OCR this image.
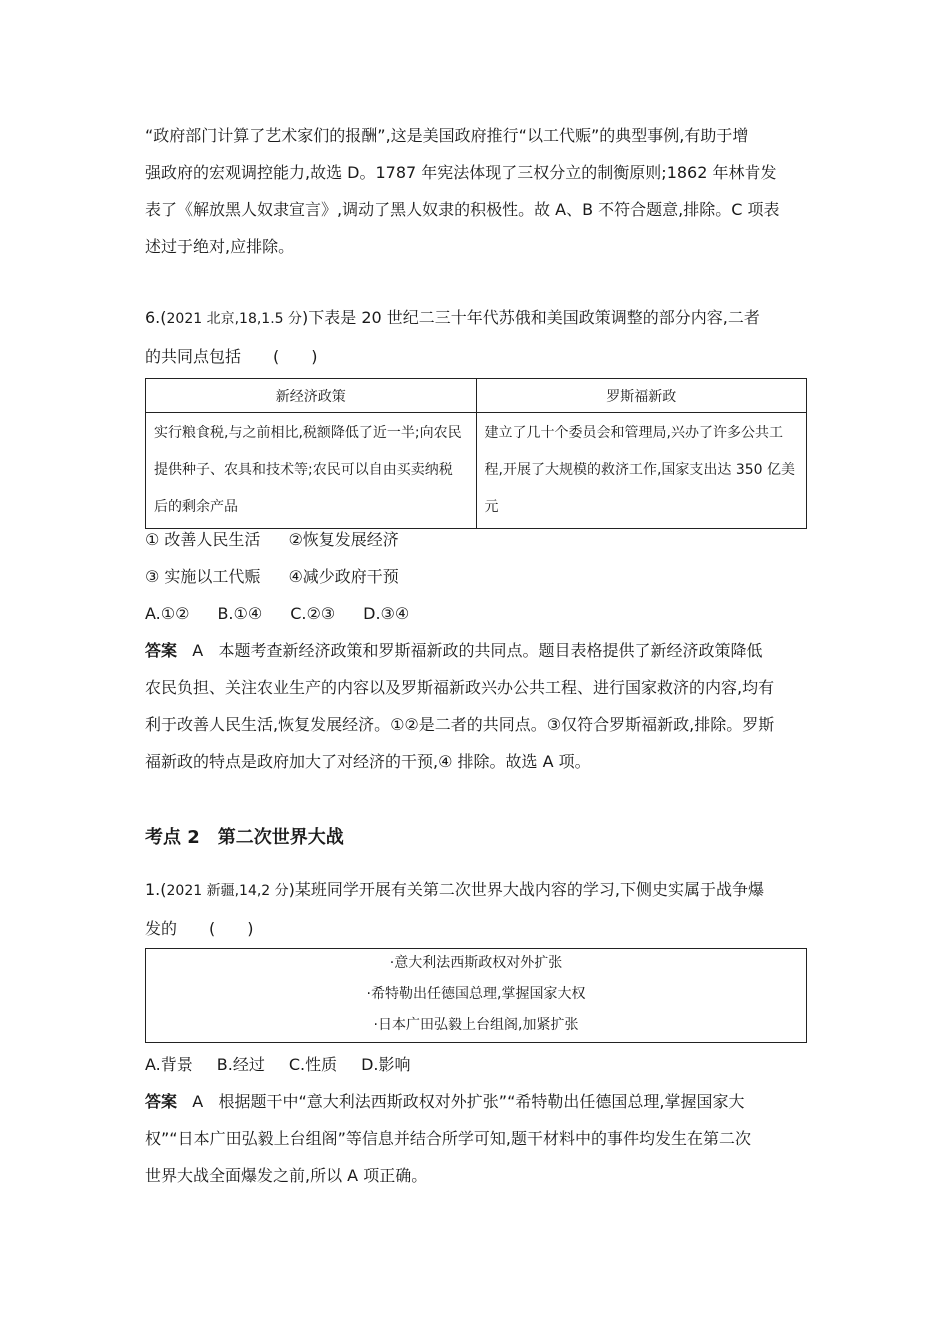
“政府部门计算了艺术家们的报酬”,这是美国政府推行“以工代赈”的典型事例,有助于增
强政府的宏观调控能力,故选 D。1787 年宪法体现了三权分立的制衡原则;1862 年林肯发
表了《解放黑人奴隶宣言》,调动了黑人奴隶的积极性。故 A、B 不符合题意,排除。C 项表
述过于绝对,应排除。
6.(2021 北京,18,1.5 分)下表是 20 世纪二三十年代苏俄和美国政策调整的部分内容,二者
的共同点包括　　(　　)
新经济政策	罗斯福新政

实行粮食税,与之前相比,税额降低了近一半;向农民
提供种子、农具和技术等;农民可以自由买卖纳税
后的剩余产品	建立了几十个委员会和管理局,兴办了许多公共工
程,开展了大规模的救济工作,国家支出达 350 亿美
元
① 改善人民生活 ②恢复发展经济
③ 实施以工代赈 ④减少政府干预
A.①② B.①④ C.②③ D.③④
答案 A 本题考查新经济政策和罗斯福新政的共同点。题目表格提供了新经济政策降低
农民负担、关注农业生产的内容以及罗斯福新政兴办公共工程、进行国家救济的内容,均有
利于改善人民生活,恢复发展经济。①②是二者的共同点。③仅符合罗斯福新政,排除。罗斯
福新政的特点是政府加大了对经济的干预,④ 排除。故选 A 项。
考点 2　第二次世界大战
1.(2021 新疆,14,2 分)某班同学开展有关第二次世界大战内容的学习,下侧史实属于战争爆
发的　　(　　)
·意大利法西斯政权对外扩张
·希特勒出任德国总理,掌握国家大权
·日本广田弘毅上台组阁,加紧扩张
A.背景 B.经过 C.性质 D.影响
答案 A 根据题干中“意大利法西斯政权对外扩张”“希特勒出任德国总理,掌握国家大
权”“日本广田弘毅上台组阁”等信息并结合所学可知,题干材料中的事件均发生在第二次
世界大战全面爆发之前,所以 A 项正确。
